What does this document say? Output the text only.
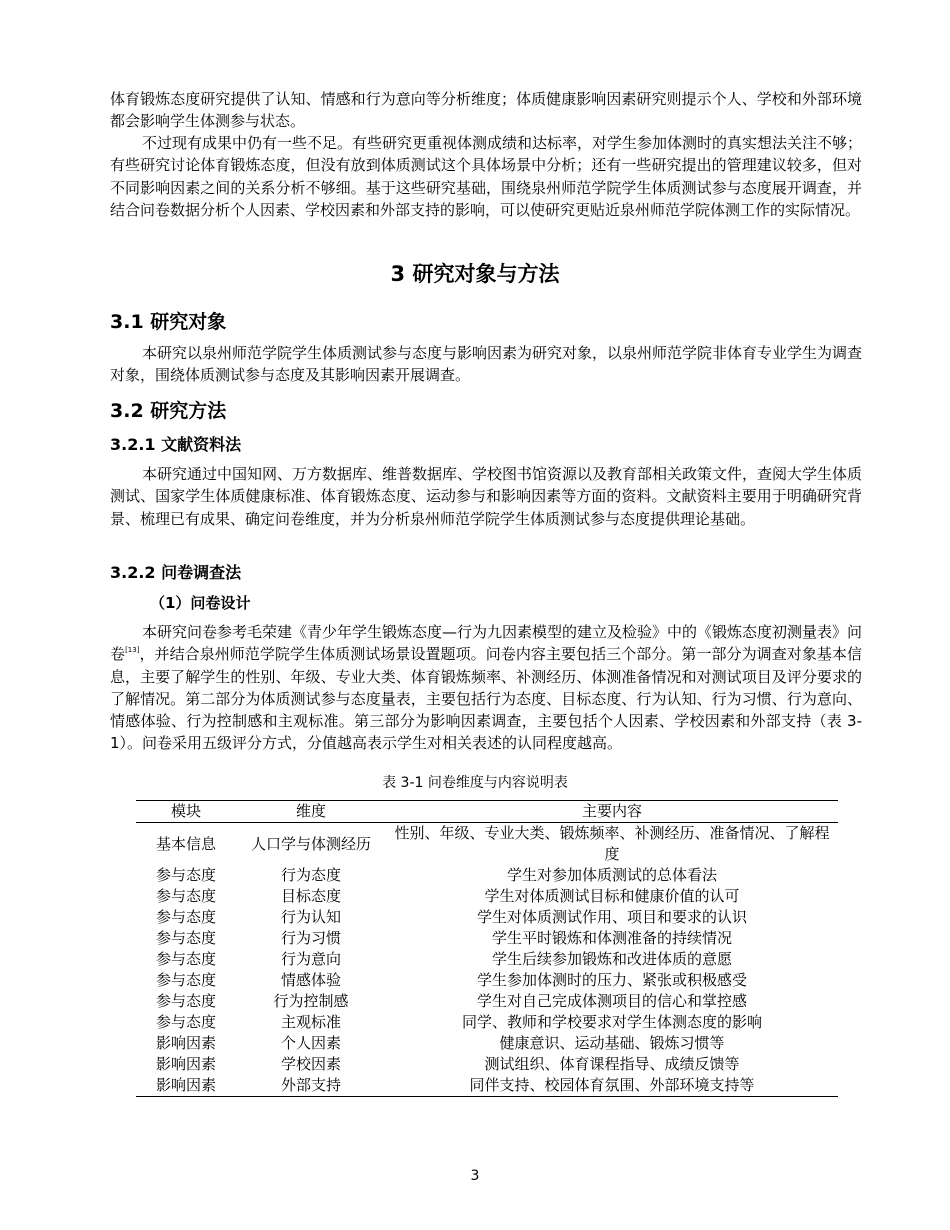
体育锻炼态度研究提供了认知、情感和行为意向等分析维度；体质健康影响因素研究则提示个人、学校和外部环境都会影响学生体测参与状态。

不过现有成果中仍有一些不足。有些研究更重视体测成绩和达标率，对学生参加体测时的真实想法关注不够；有些研究讨论体育锻炼态度，但没有放到体质测试这个具体场景中分析；还有一些研究提出的管理建议较多，但对不同影响因素之间的关系分析不够细。基于这些研究基础，围绕泉州师范学院学生体质测试参与态度展开调查，并结合问卷数据分析个人因素、学校因素和外部支持的影响，可以使研究更贴近泉州师范学院体测工作的实际情况。

3 研究对象与方法
3.1 研究对象

本研究以泉州师范学院学生体质测试参与态度与影响因素为研究对象，以泉州师范学院非体育专业学生为调查对象，围绕体质测试参与态度及其影响因素开展调查。

3.2 研究方法
3.2.1 文献资料法

本研究通过中国知网、万方数据库、维普数据库、学校图书馆资源以及教育部相关政策文件，查阅大学生体质测试、国家学生体质健康标准、体育锻炼态度、运动参与和影响因素等方面的资料。文献资料主要用于明确研究背景、梳理已有成果、确定问卷维度，并为分析泉州师范学院学生体质测试参与态度提供理论基础。

3.2.2 问卷调查法
（1）问卷设计

本研究问卷参考毛荣建《青少年学生锻炼态度—行为九因素模型的建立及检验》中的《锻炼态度初测量表》问卷[13]，并结合泉州师范学院学生体质测试场景设置题项。问卷内容主要包括三个部分。第一部分为调查对象基本信息，主要了解学生的性别、年级、专业大类、体育锻炼频率、补测经历、体测准备情况和对测试项目及评分要求的了解情况。第二部分为体质测试参与态度量表，主要包括行为态度、目标态度、行为认知、行为习惯、行为意向、情感体验、行为控制感和主观标准。第三部分为影响因素调查，主要包括个人因素、学校因素和外部支持（表 3-1）。问卷采用五级评分方式，分值越高表示学生对相关表述的认同程度越高。

表 3-1 问卷维度与内容说明表

模块	维度	主要内容
基本信息	人口学与体测经历	性别、年级、专业大类、锻炼频率、补测经历、准备情况、了解程度
参与态度	行为态度	学生对参加体质测试的总体看法
参与态度	目标态度	学生对体质测试目标和健康价值的认可
参与态度	行为认知	学生对体质测试作用、项目和要求的认识
参与态度	行为习惯	学生平时锻炼和体测准备的持续情况
参与态度	行为意向	学生后续参加锻炼和改进体质的意愿
参与态度	情感体验	学生参加体测时的压力、紧张或积极感受
参与态度	行为控制感	学生对自己完成体测项目的信心和掌控感
参与态度	主观标准	同学、教师和学校要求对学生体测态度的影响
影响因素	个人因素	健康意识、运动基础、锻炼习惯等
影响因素	学校因素	测试组织、体育课程指导、成绩反馈等
影响因素	外部支持	同伴支持、校园体育氛围、外部环境支持等

3
